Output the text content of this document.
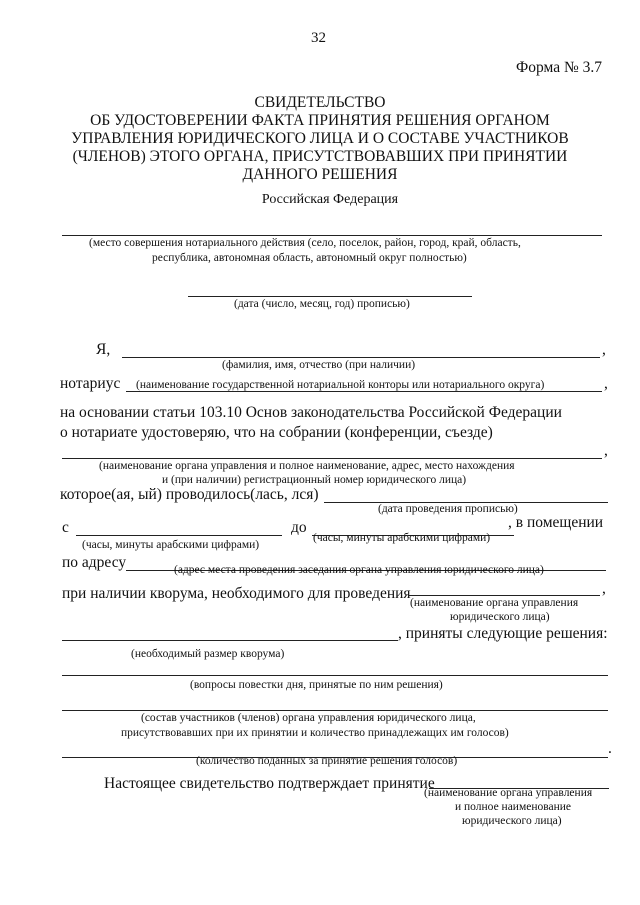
32
Форма № 3.7
СВИДЕТЕЛЬСТВО
ОБ УДОСТОВЕРЕНИИ ФАКТА ПРИНЯТИЯ РЕШЕНИЯ ОРГАНОМ
УПРАВЛЕНИЯ ЮРИДИЧЕСКОГО ЛИЦА И О СОСТАВЕ УЧАСТНИКОВ
(ЧЛЕНОВ) ЭТОГО ОРГАНА, ПРИСУТСТВОВАВШИХ ПРИ ПРИНЯТИИ
ДАННОГО РЕШЕНИЯ
Российская Федерация
(место совершения нотариального действия (село, поселок, район, город, край, область,
республика, автономная область, автономный округ полностью)
(дата (число, месяц, год) прописью)
Я,	,
(фамилия, имя, отчество (при наличии)
нотариус	,
(наименование государственной нотариальной конторы или нотариального округа)
на основании статьи 103.10 Основ законодательства Российской Федерации
о нотариате удостоверяю, что на собрании (конференции, съезде)
,
(наименование органа управления и полное наименование, адрес, место нахождения
и (при наличии) регистрационный номер юридического лица)
которое(ая, ый) проводилось(лась, лся)
(дата проведения прописью)
с	до	, в помещении
(часы, минуты арабскими цифрами)
(часы, минуты арабскими цифрами)
по адресу	(адрес места проведения заседания органа управления юридического лица)
при наличии кворума, необходимого для проведения	,
(наименование органа управления
юридического лица)
, приняты следующие решения:
(необходимый размер кворума)
(вопросы повестки дня, принятые по ним решения)
(состав участников (членов) органа управления юридического лица,
присутствовавших при их принятии и количество принадлежащих им голосов)
.
(количество поданных за принятие решения голосов)
Настоящее свидетельство подтверждает принятие
(наименование органа управления
и полное наименование
юридического лица)
